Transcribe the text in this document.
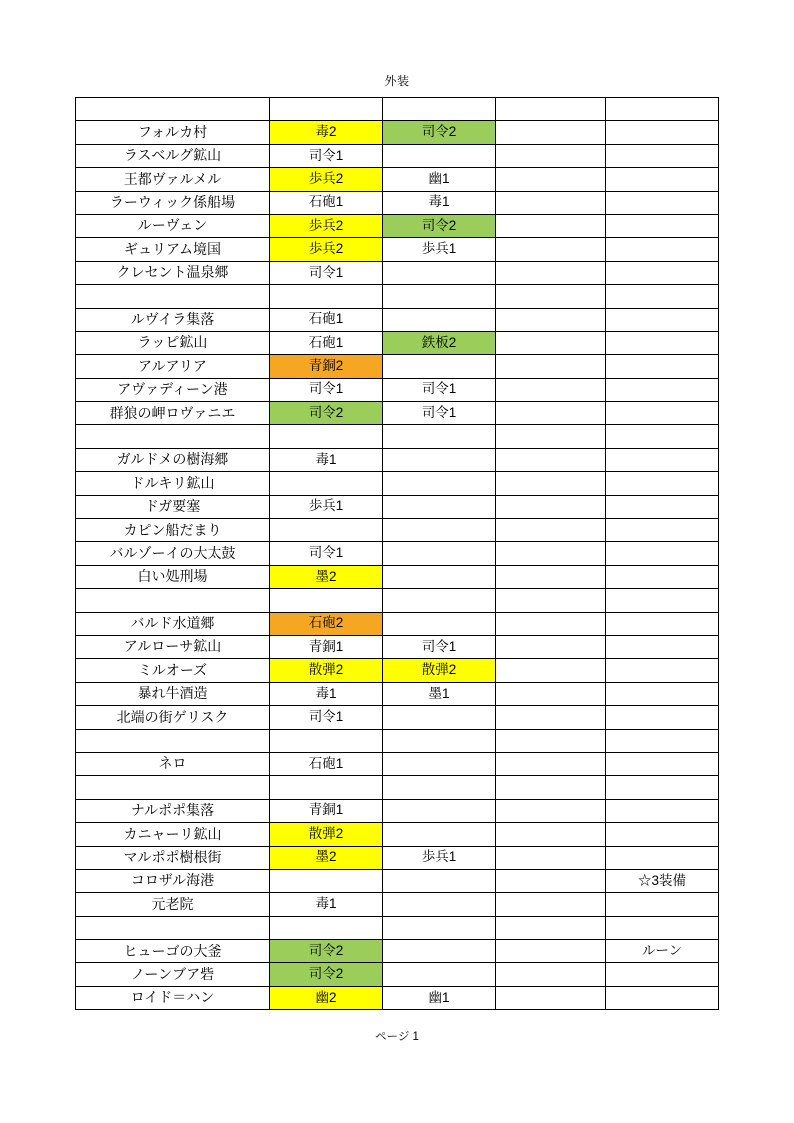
外装

フォルカ村	毒2	司令2		
ラスベルグ鉱山	司令1			
王都ヴァルメル	歩兵2	幽1		
ラーウィック係船場	石砲1	毒1		
ルーヴェン	歩兵2	司令2		
ギュリアム境国	歩兵2	歩兵1		
クレセント温泉郷	司令1			

ルヴイラ集落	石砲1			
ラッピ鉱山	石砲1	鉄板2		
アルアリア	青銅2			
アヴァディーン港	司令1	司令1		
群狼の岬ロヴァニエ	司令2	司令1		

ガルドメの樹海郷	毒1			
ドルキリ鉱山				
ドガ要塞	歩兵1			
カピン船だまり				
バルゾーイの大太鼓	司令1			
白い処刑場	墨2			

バルド水道郷	石砲2			
アルローサ鉱山	青銅1	司令1		
ミルオーズ	散弾2	散弾2		
暴れ牛酒造	毒1	墨1		
北端の街ゲリスク	司令1			

ネロ	石砲1			

ナルポポ集落	青銅1			
カニャーリ鉱山	散弾2			
マルポポ樹根街	墨2	歩兵1		
コロザル海港				☆3装備
元老院	毒1			

ヒューゴの大釜	司令2			ルーン
ノーンブア砦	司令2			
ロイド＝ハン	幽2	幽1		
ページ 1
